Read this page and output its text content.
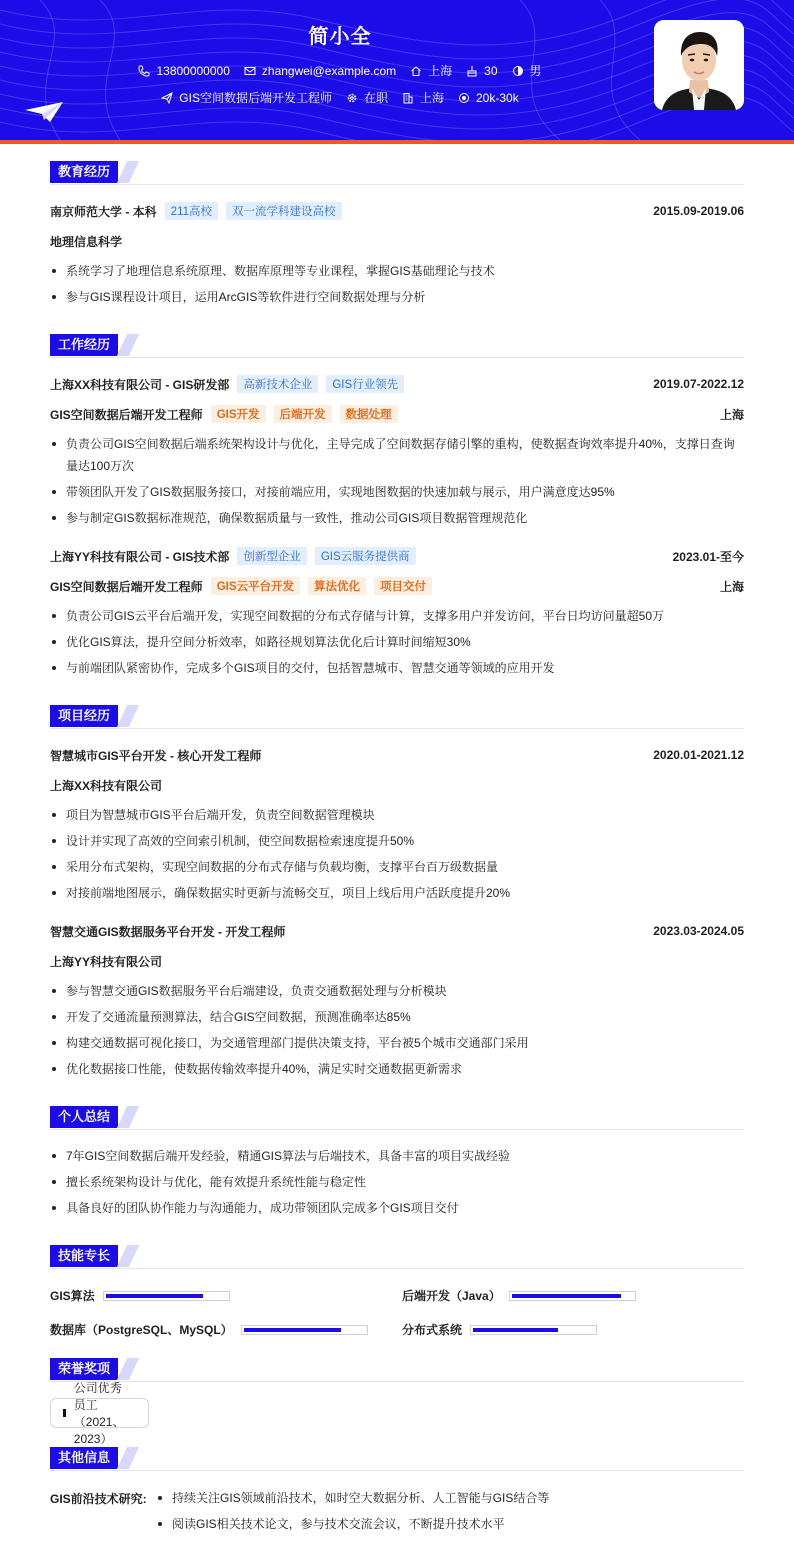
简小全
13800000000	zhangwei@example.com	上海	30	男
GIS空间数据后端开发工程师	在职	上海	20k-30k
教育经历
南京师范大学 - 本科	211高校	双一流学科建设高校	2015.09-2019.06
地理信息科学
系统学习了地理信息系统原理、数据库原理等专业课程，掌握GIS基础理论与技术
参与GIS课程设计项目，运用ArcGIS等软件进行空间数据处理与分析
工作经历
上海XX科技有限公司 - GIS研发部	高新技术企业	GIS行业领先	2019.07-2022.12
GIS空间数据后端开发工程师	GIS开发	后端开发	数据处理	上海
负责公司GIS空间数据后端系统架构设计与优化，主导完成了空间数据存储引擎的重构，使数据查询效率提升40%，支撑日查询量达100万次
带领团队开发了GIS数据服务接口，对接前端应用，实现地图数据的快速加载与展示，用户满意度达95%
参与制定GIS数据标准规范，确保数据质量与一致性，推动公司GIS项目数据管理规范化
上海YY科技有限公司 - GIS技术部	创新型企业	GIS云服务提供商	2023.01-至今
GIS空间数据后端开发工程师	GIS云平台开发	算法优化	项目交付	上海
负责公司GIS云平台后端开发，实现空间数据的分布式存储与计算，支撑多用户并发访问，平台日均访问量超50万
优化GIS算法，提升空间分析效率，如路径规划算法优化后计算时间缩短30%
与前端团队紧密协作，完成多个GIS项目的交付，包括智慧城市、智慧交通等领域的应用开发
项目经历
智慧城市GIS平台开发 - 核心开发工程师	2020.01-2021.12
上海XX科技有限公司
项目为智慧城市GIS平台后端开发，负责空间数据管理模块
设计并实现了高效的空间索引机制，使空间数据检索速度提升50%
采用分布式架构，实现空间数据的分布式存储与负载均衡，支撑平台百万级数据量
对接前端地图展示，确保数据实时更新与流畅交互，项目上线后用户活跃度提升20%
智慧交通GIS数据服务平台开发 - 开发工程师	2023.03-2024.05
上海YY科技有限公司
参与智慧交通GIS数据服务平台后端建设，负责交通数据处理与分析模块
开发了交通流量预测算法，结合GIS空间数据，预测准确率达85%
构建交通数据可视化接口，为交通管理部门提供决策支持，平台被5个城市交通部门采用
优化数据接口性能，使数据传输效率提升40%，满足实时交通数据更新需求
个人总结
7年GIS空间数据后端开发经验，精通GIS算法与后端技术，具备丰富的项目实战经验
擅长系统架构设计与优化，能有效提升系统性能与稳定性
具备良好的团队协作能力与沟通能力，成功带领团队完成多个GIS项目交付
技能专长
GIS算法	后端开发（Java）
数据库（PostgreSQL、MySQL）	分布式系统
荣誉奖项
公司优秀员工（2021、2023）
其他信息
GIS前沿技术研究:	持续关注GIS领域前沿技术，如时空大数据分析、人工智能与GIS结合等
阅读GIS相关技术论文，参与技术交流会议，不断提升技术水平
